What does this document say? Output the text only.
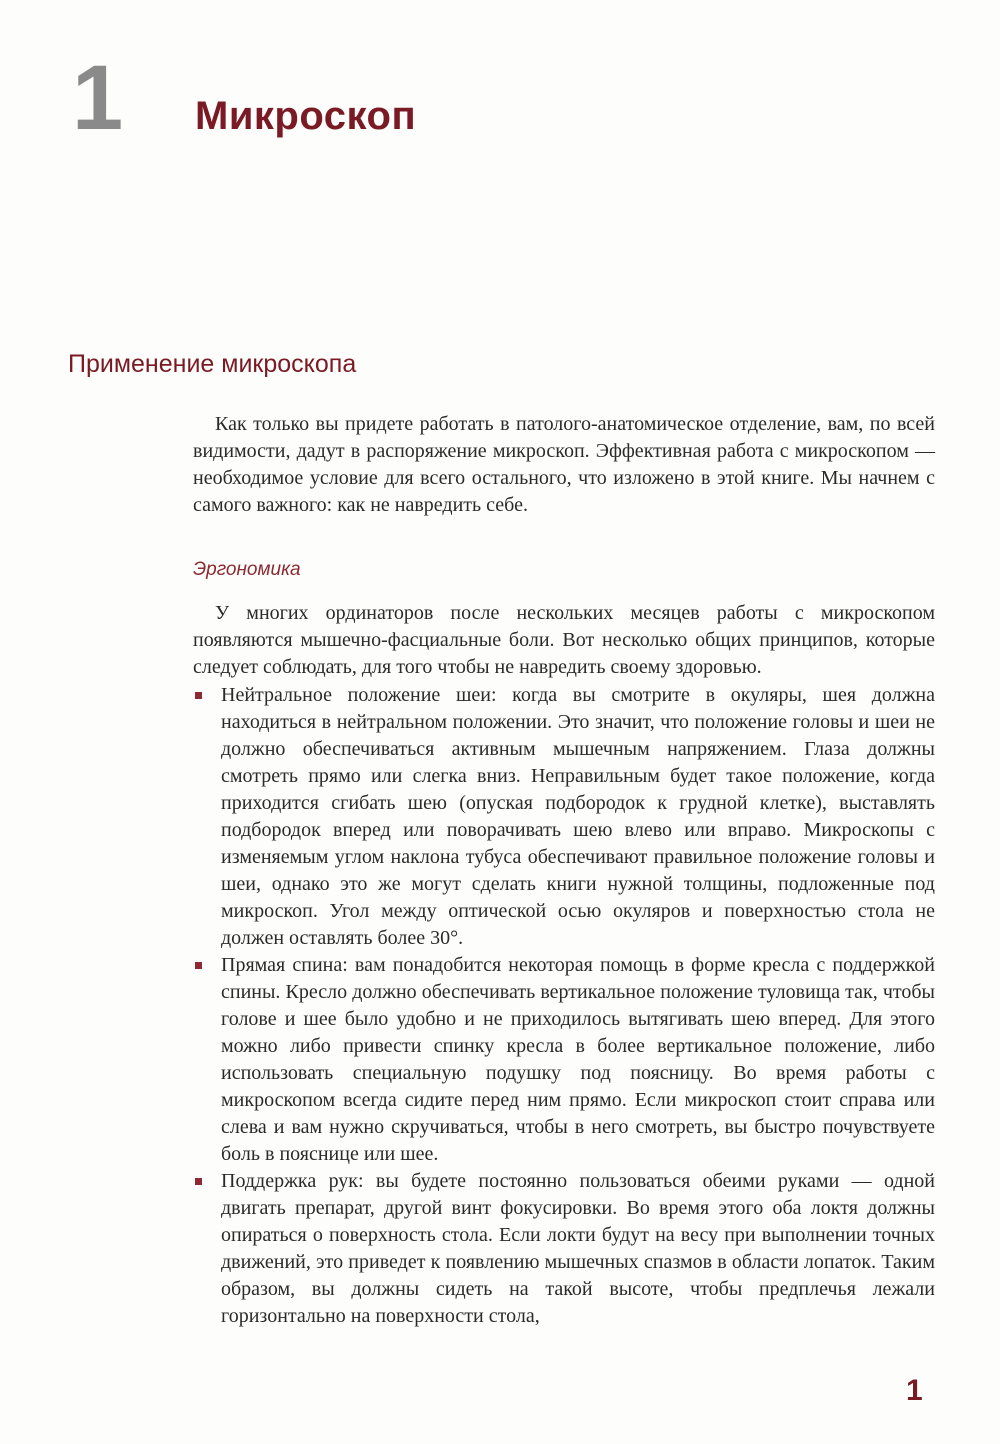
1 Микроскоп
Применение микроскопа

Как только вы придете работать в патолого-анатомическое отделение, вам, по всей видимости, дадут в распоряжение микроскоп. Эффективная работа с микроскопом — необходимое условие для всего остального, что изложено в этой книге. Мы начнем с самого важного: как не навредить себе.

Эргономика

У многих ординаторов после нескольких месяцев работы с микроскопом появляются мышечно-фасциальные боли. Вот несколько общих принципов, которые следует соблюдать, для того чтобы не навредить своему здоровью.

Нейтральное положение шеи: когда вы смотрите в окуляры, шея должна находиться в нейтральном положении. Это значит, что положение головы и шеи не должно обеспечиваться активным мышечным напряжением. Глаза должны смотреть прямо или слегка вниз. Неправильным будет такое положение, когда приходится сгибать шею (опуская подбородок к грудной клетке), выставлять подбородок вперед или поворачивать шею влево или вправо. Микроскопы с изменяемым углом наклона тубуса обеспечивают правильное положение головы и шеи, однако это же могут сделать книги нужной толщины, подложенные под микроскоп. Угол между оптической осью окуляров и поверхностью стола не должен оставлять более 30°.
Прямая спина: вам понадобится некоторая помощь в форме кресла с поддержкой спины. Кресло должно обеспечивать вертикальное положение туловища так, чтобы голове и шее было удобно и не приходилось вытягивать шею вперед. Для этого можно либо привести спинку кресла в более вертикальное положение, либо использовать специальную подушку под поясницу. Во время работы с микроскопом всегда сидите перед ним прямо. Если микроскоп стоит справа или слева и вам нужно скручиваться, чтобы в него смотреть, вы быстро почувствуете боль в пояснице или шее.
Поддержка рук: вы будете постоянно пользоваться обеими руками — одной двигать препарат, другой винт фокусировки. Во время этого оба локтя должны опираться о поверхность стола. Если локти будут на весу при выполнении точных движений, это приведет к появлению мышечных спазмов в области лопаток. Таким образом, вы должны сидеть на такой высоте, чтобы предплечья лежали горизонтально на поверхности стола,
1
